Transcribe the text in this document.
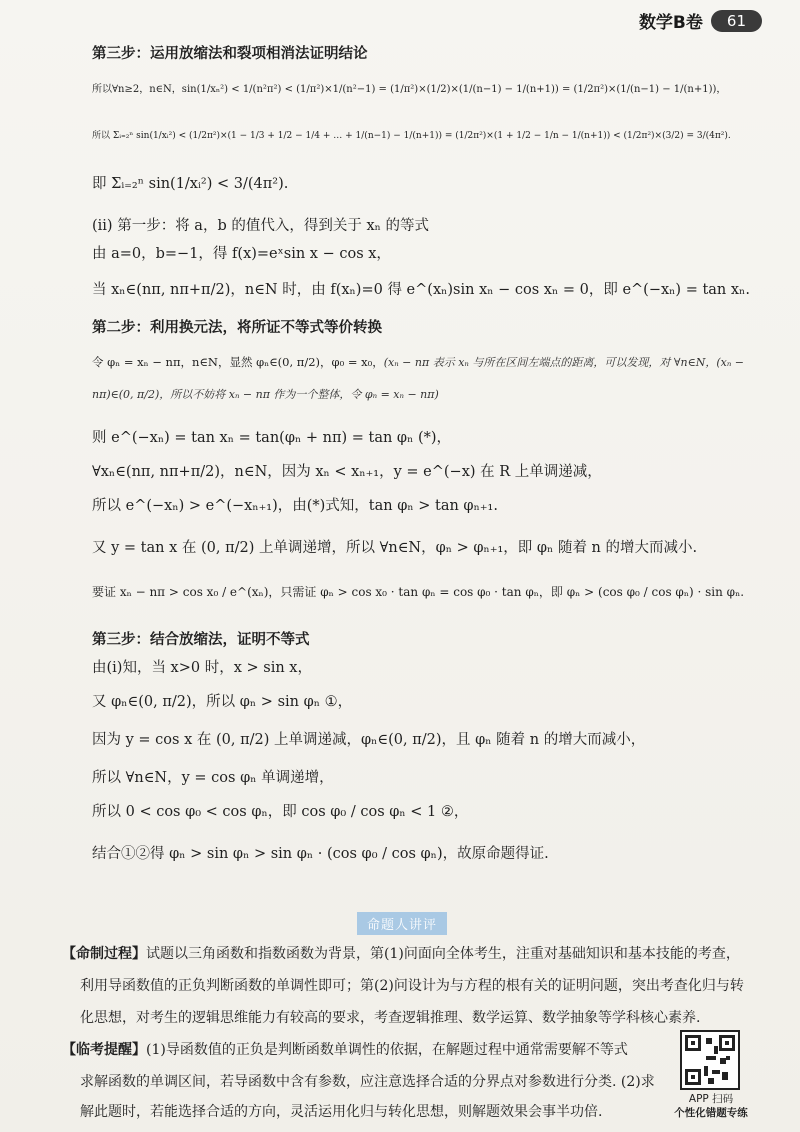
数学B卷	61
第三步：运用放缩法和裂项相消法证明结论
所以∀n≥2，n∈N，sin(1/xₙ²) < 1/(n²π²) < (1/π²)×1/(n²−1) = (1/π²)×(1/2)×(1/(n−1) − 1/(n+1)) = (1/2π²)×(1/(n−1) − 1/(n+1))，
所以 Σᵢ₌₂ⁿ sin(1/xᵢ²) < (1/2π²)×(1 − 1/3 + 1/2 − 1/4 + … + 1/(n−1) − 1/(n+1)) = (1/2π²)×(1 + 1/2 − 1/n − 1/(n+1)) < (1/2π²)×(3/2) = 3/(4π²).
即 Σᵢ₌₂ⁿ sin(1/xᵢ²) < 3/(4π²).
(ii) 第一步：将 a，b 的值代入，得到关于 xₙ 的等式
由 a=0，b=−1，得 f(x)=eˣsin x − cos x，
当 xₙ∈(nπ, nπ+π/2)，n∈N 时，由 f(xₙ)=0 得 e^(xₙ)sin xₙ − cos xₙ = 0，即 e^(−xₙ) = tan xₙ.
第二步：利用换元法，将所证不等式等价转换
令 φₙ = xₙ − nπ，n∈N，显然 φₙ∈(0, π/2)，φ₀ = x₀，(xₙ − nπ 表示 xₙ 与所在区间左端点的距离，可以发现，对 ∀n∈N，(xₙ −
nπ)∈(0, π/2)，所以不妨将 xₙ − nπ 作为一个整体，令 φₙ = xₙ − nπ)
则 e^(−xₙ) = tan xₙ = tan(φₙ + nπ) = tan φₙ (*)，
∀xₙ∈(nπ, nπ+π/2)，n∈N，因为 xₙ < xₙ₊₁，y = e^(−x) 在 R 上单调递减，
所以 e^(−xₙ) > e^(−xₙ₊₁)，由(*)式知，tan φₙ > tan φₙ₊₁.
又 y = tan x 在 (0, π/2) 上单调递增，所以 ∀n∈N，φₙ > φₙ₊₁，即 φₙ 随着 n 的增大而减小.
要证 xₙ − nπ > cos x₀ / e^(xₙ)，只需证 φₙ > cos x₀ · tan φₙ = cos φ₀ · tan φₙ，即 φₙ > (cos φ₀ / cos φₙ) · sin φₙ.
第三步：结合放缩法，证明不等式
由(i)知，当 x>0 时，x > sin x，
又 φₙ∈(0, π/2)，所以 φₙ > sin φₙ ①，
因为 y = cos x 在 (0, π/2) 上单调递减，φₙ∈(0, π/2)，且 φₙ 随着 n 的增大而减小，
所以 ∀n∈N，y = cos φₙ 单调递增，
所以 0 < cos φ₀ < cos φₙ，即 cos φ₀ / cos φₙ < 1 ②，
结合①②得 φₙ > sin φₙ > sin φₙ · (cos φ₀ / cos φₙ)，故原命题得证.
命题人讲评
【命制过程】试题以三角函数和指数函数为背景，第(1)问面向全体考生，注重对基础知识和基本技能的考查，
利用导函数值的正负判断函数的单调性即可；第(2)问设计为与方程的根有关的证明问题，突出考查化归与转
化思想，对考生的逻辑思维能力有较高的要求，考查逻辑推理、数学运算、数学抽象等学科核心素养.
【临考提醒】(1)导函数值的正负是判断函数单调性的依据，在解题过程中通常需要解不等式
求解函数的单调区间，若导函数中含有参数，应注意选择合适的分界点对参数进行分类. (2)求
解此题时，若能选择合适的方向，灵活运用化归与转化思想，则解题效果会事半功倍.
APP 扫码
个性化错题专练
